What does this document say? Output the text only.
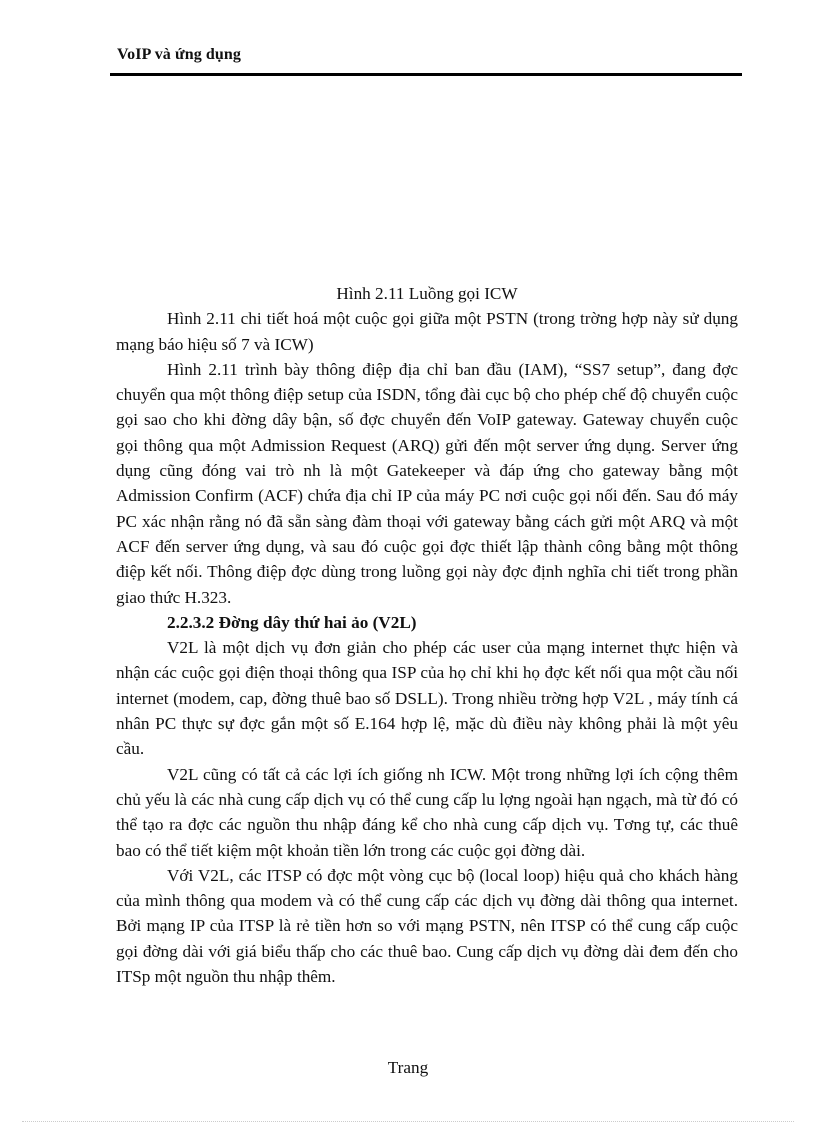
VoIP và ứng dụng

Hình 2.11 Luồng gọi ICW

Hình 2.11 chi tiết hoá một cuộc gọi giữa một PSTN (trong trờng hợp này sử dụng mạng báo hiệu số 7 và ICW)

Hình 2.11 trình bày thông điệp địa chỉ ban đầu (IAM), “SS7 setup”, đang đợc chuyển qua một thông điệp setup của ISDN, tổng đài cục bộ cho phép chế độ chuyển cuộc gọi sao cho khi đờng dây bận, số đợc chuyển đến VoIP gateway. Gateway chuyển cuộc gọi thông qua một Admission Request (ARQ) gửi đến một server ứng dụng. Server ứng dụng cũng đóng vai trò nh là một Gatekeeper và đáp ứng cho gateway bằng một Admission Confirm (ACF) chứa địa chỉ IP của máy PC nơi cuộc gọi nối đến. Sau đó máy PC xác nhận rằng nó đã sẵn sàng đàm thoại với gateway bằng cách gửi một ARQ và một ACF đến server ứng dụng, và sau đó cuộc gọi đợc thiết lập thành công bằng một thông điệp kết nối. Thông điệp đợc dùng trong luồng gọi này đợc định nghĩa chi tiết trong phần giao thức H.323.

2.2.3.2 Đờng dây thứ hai ảo (V2L)

V2L là một dịch vụ đơn giản cho phép các user của mạng internet thực hiện và nhận các cuộc gọi điện thoại thông qua ISP của họ chỉ khi họ đợc kết nối qua một cầu nối internet (modem, cap, đờng thuê bao số DSLL). Trong nhiều trờng hợp V2L , máy tính cá nhân PC thực sự đợc gắn một số E.164 hợp lệ, mặc dù điều này không phải là một yêu cầu.

V2L cũng có tất cả các lợi ích giống nh ICW. Một trong những lợi ích cộng thêm chủ yếu là các nhà cung cấp dịch vụ có thể cung cấp lu lợng ngoài hạn ngạch, mà từ đó có thể tạo ra đợc các nguồn thu nhập đáng kể cho nhà cung cấp dịch vụ. Tơng tự, các thuê bao có thể tiết kiệm một khoản tiền lớn trong các cuộc gọi đờng dài.

Với V2L, các ITSP có đợc một vòng cục bộ (local loop) hiệu quả cho khách hàng của mình thông qua modem và có thể cung cấp các dịch vụ đờng dài thông qua internet. Bởi mạng IP của ITSP là rẻ tiền hơn so với mạng PSTN, nên ITSP có thể cung cấp cuộc gọi đờng dài với giá biểu thấp cho các thuê bao. Cung cấp dịch vụ đờng dài đem đến cho ITSp một nguồn thu nhập thêm.

Trang
